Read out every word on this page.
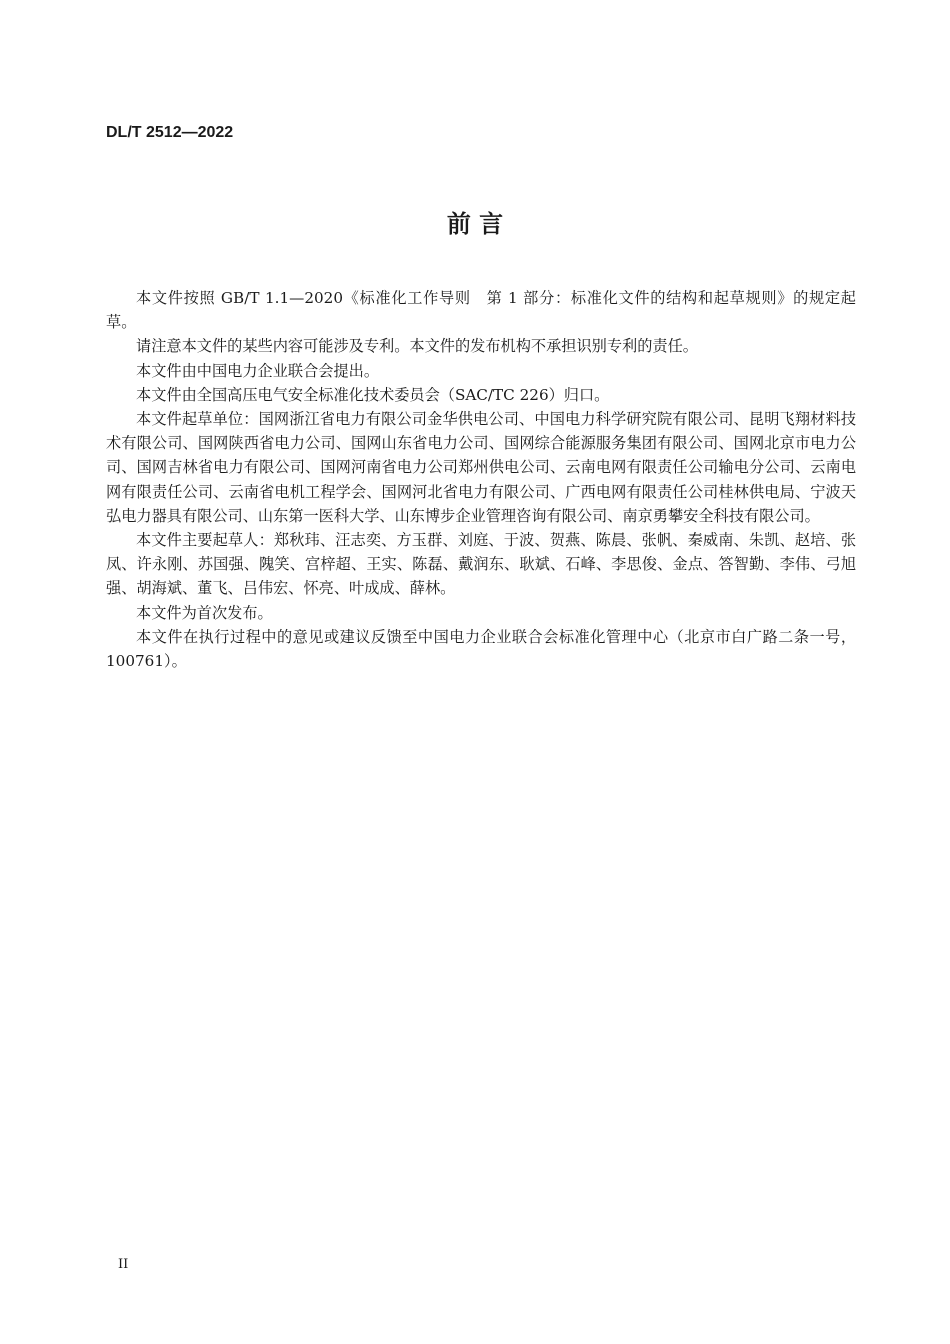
DL/T 2512—2022
前 言

本文件按照 GB/T 1.1—2020《标准化工作导则　第 1 部分：标准化文件的结构和起草规则》的规定起草。

请注意本文件的某些内容可能涉及专利。本文件的发布机构不承担识别专利的责任。

本文件由中国电力企业联合会提出。

本文件由全国高压电气安全标准化技术委员会（SAC/TC 226）归口。

本文件起草单位：国网浙江省电力有限公司金华供电公司、中国电力科学研究院有限公司、昆明飞翔材料技术有限公司、国网陕西省电力公司、国网山东省电力公司、国网综合能源服务集团有限公司、国网北京市电力公司、国网吉林省电力有限公司、国网河南省电力公司郑州供电公司、云南电网有限责任公司输电分公司、云南电网有限责任公司、云南省电机工程学会、国网河北省电力有限公司、广西电网有限责任公司桂林供电局、宁波天弘电力器具有限公司、山东第一医科大学、山东博步企业管理咨询有限公司、南京勇攀安全科技有限公司。

本文件主要起草人：郑秋玮、汪志奕、方玉群、刘庭、于波、贺燕、陈晨、张帆、秦威南、朱凯、赵培、张凤、许永刚、苏国强、隗笑、宫梓超、王实、陈磊、戴润东、耿斌、石峰、李思俊、金点、答智勤、李伟、弓旭强、胡海斌、董飞、吕伟宏、怀亮、叶成成、薛林。

本文件为首次发布。

本文件在执行过程中的意见或建议反馈至中国电力企业联合会标准化管理中心（北京市白广路二条一号，100761）。

II
